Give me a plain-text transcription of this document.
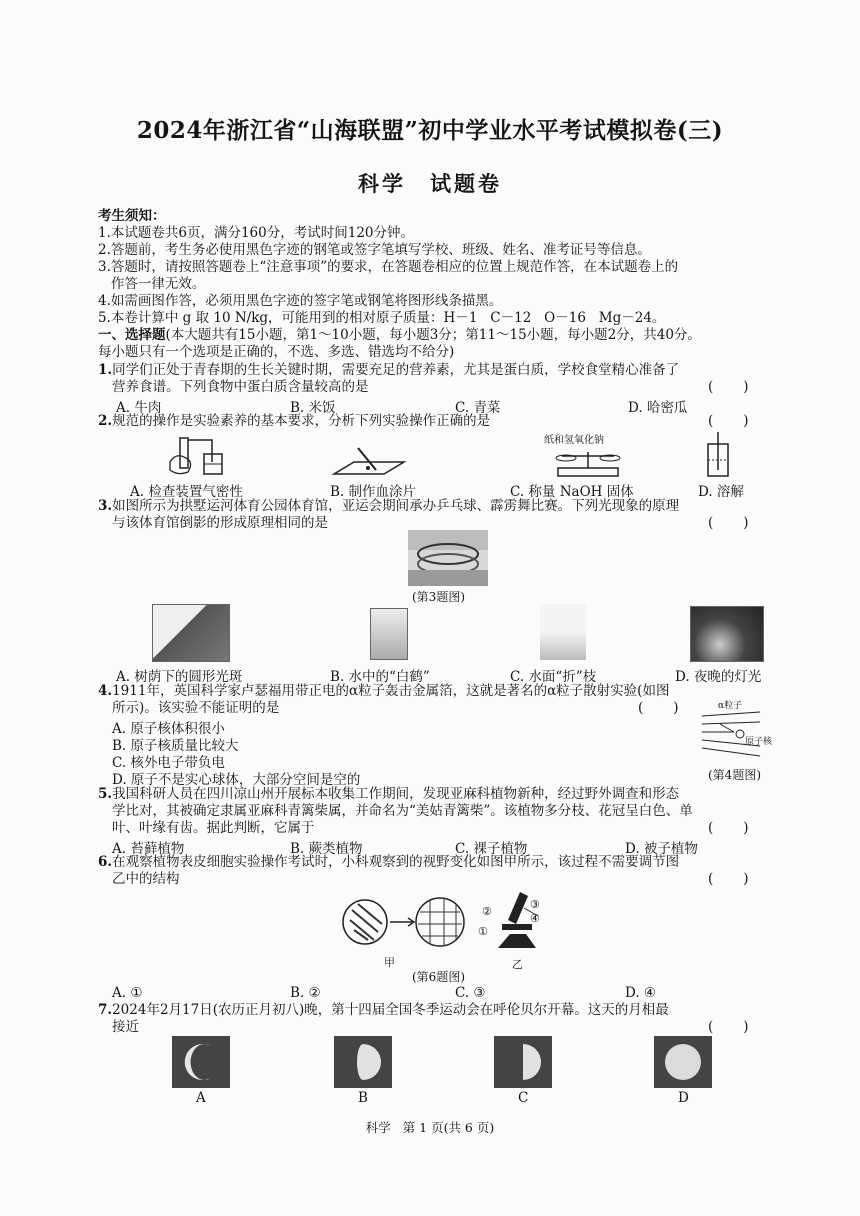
2024年浙江省“山海联盟”初中学业水平考试模拟卷(三)
科学 试题卷
考生须知：
1.本试题卷共6页，满分160分，考试时间120分钟。
2.答题前，考生务必使用黑色字迹的钢笔或签字笔填写学校、班级、姓名、准考证号等信息。
3.答题时，请按照答题卷上“注意事项”的要求，在答题卷相应的位置上规范作答，在本试题卷上的
作答一律无效。
4.如需画图作答，必须用黑色字迹的签字笔或钢笔将图形线条描黑。
5.本卷计算中 g 取 10 N/kg，可能用到的相对原子质量：H－1   C－12   O－16   Mg－24。
一、选择题(本大题共有15小题，第1～10小题，每小题3分；第11～15小题，每小题2分，共40分。
每小题只有一个选项是正确的，不选、多选、错选均不给分)
1.同学们正处于青春期的生长关键时期，需要充足的营养素，尤其是蛋白质，学校食堂精心准备了
营养食谱。下列食物中蛋白质含量较高的是	(       )
A. 牛肉	B. 米饭	C. 青菜	D. 哈密瓜
2.规范的操作是实验素养的基本要求，分析下列实验操作正确的是	(       )
纸和氢氧化钠
A. 检查装置气密性	B. 制作血涂片	C. 称量 NaOH 固体	D. 溶解
3.如图所示为拱墅运河体育公园体育馆，亚运会期间承办乒乓球、霹雳舞比赛。下列光现象的原理
与该体育馆倒影的形成原理相同的是	(       )
(第3题图)
A. 树荫下的圆形光斑	B. 水中的“白鹤”	C. 水面“折”枝	D. 夜晚的灯光
4.1911年，英国科学家卢瑟福用带正电的α粒子轰击金属箔，这就是著名的α粒子散射实验(如图
所示)。该实验不能证明的是	(       )
A. 原子核体积很小
B. 原子核质量比较大
C. 核外电子带负电
D. 原子不是实心球体，大部分空间是空的
α粒子
原子核
(第4题图)
5.我国科研人员在四川凉山州开展标本收集工作期间，发现亚麻科植物新种，经过野外调查和形态
学比对，其被确定隶属亚麻科青篱柴属，并命名为“美姑青篱柴”。该植物多分枝、花冠呈白色、单
叶、叶缘有齿。据此判断，它属于	(       )
A. 苔藓植物	B. 蕨类植物	C. 裸子植物	D. 被子植物
6.在观察植物表皮细胞实验操作考试时，小科观察到的视野变化如图甲所示，该过程不需要调节图
乙中的结构	(       )
③
②
④
①
甲	乙
(第6题图)
A. ①	B. ②	C. ③	D. ④
7.2024年2月17日(农历正月初八)晚，第十四届全国冬季运动会在呼伦贝尔开幕。这天的月相最
接近	(       )
A	B	C	D
科学   第 1 页(共 6 页)
